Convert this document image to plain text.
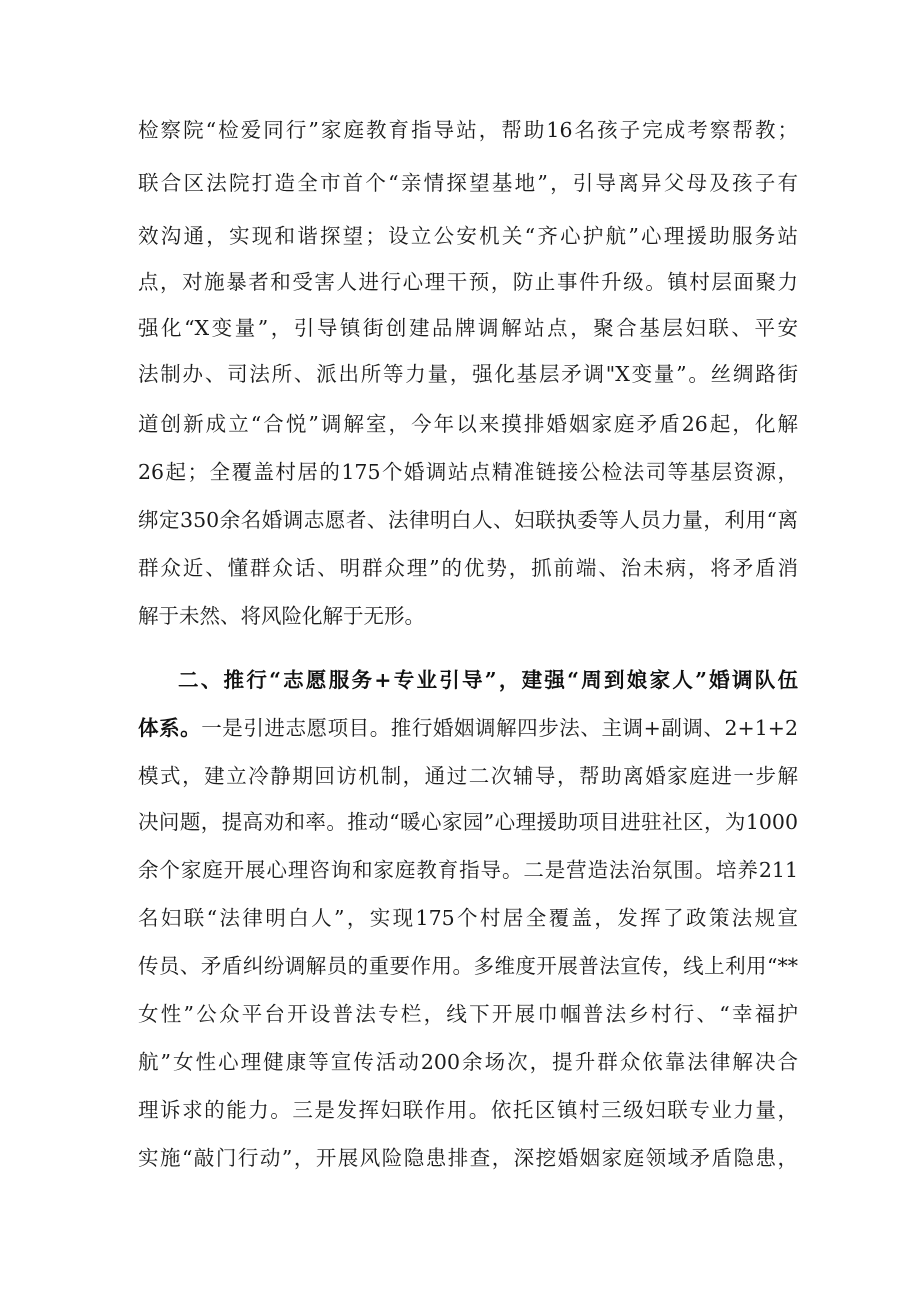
检察院“检爱同行”家庭教育指导站，帮助16名孩子完成考察帮教；
联合区法院打造全市首个“亲情探望基地”，引导离异父母及孩子有
效沟通，实现和谐探望；设立公安机关“齐心护航”心理援助服务站
点，对施暴者和受害人进行心理干预，防止事件升级。镇村层面聚力
强化“X变量”，引导镇街创建品牌调解站点，聚合基层妇联、平安
法制办、司法所、派出所等力量，强化基层矛调"X变量”。丝绸路街
道创新成立“合悦”调解室，今年以来摸排婚姻家庭矛盾26起，化解
26起；全覆盖村居的175个婚调站点精准链接公检法司等基层资源，
绑定350余名婚调志愿者、法律明白人、妇联执委等人员力量，利用“离
群众近、懂群众话、明群众理”的优势，抓前端、治未病，将矛盾消
解于未然、将风险化解于无形。
二、推行“志愿服务+专业引导”，建强“周到娘家人”婚调队伍
体系。一是引进志愿项目。推行婚姻调解四步法、主调+副调、2+1+2
模式，建立冷静期回访机制，通过二次辅导，帮助离婚家庭进一步解
决问题，提高劝和率。推动“暖心家园”心理援助项目进驻社区，为1000
余个家庭开展心理咨询和家庭教育指导。二是营造法治氛围。培养211
名妇联“法律明白人”，实现175个村居全覆盖，发挥了政策法规宣
传员、矛盾纠纷调解员的重要作用。多维度开展普法宣传，线上利用“**
女性”公众平台开设普法专栏，线下开展巾帼普法乡村行、“幸福护
航”女性心理健康等宣传活动200余场次，提升群众依靠法律解决合
理诉求的能力。三是发挥妇联作用。依托区镇村三级妇联专业力量，
实施“敲门行动”，开展风险隐患排查，深挖婚姻家庭领域矛盾隐患，
